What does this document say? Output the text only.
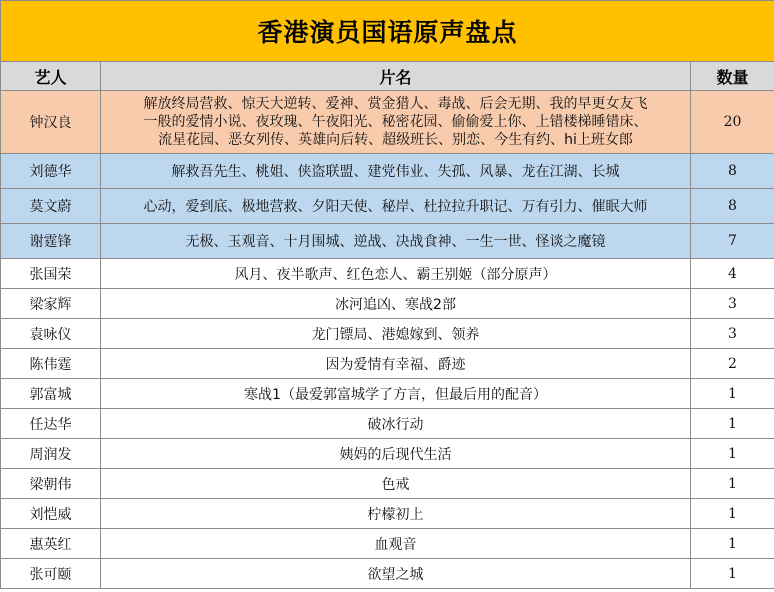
香港演员国语原声盘点		
艺人	片名	数量
钟汉良	解放终局营救、惊天大逆转、爱神、赏金猎人、毒战、后会无期、我的早更女友飞
一般的爱情小说、夜玫瑰、午夜阳光、秘密花园、偷偷爱上你、上错楼梯睡错床、
流星花园、恶女列传、英雄向后转、超级班长、别恋、今生有约、hi上班女郎	20
刘德华	解救吾先生、桃姐、侠盗联盟、建党伟业、失孤、风暴、龙在江湖、长城	8
莫文蔚	心动，爱到底、极地营救、夕阳天使、秘岸、杜拉拉升职记、万有引力、催眠大师	8
谢霆锋	无极、玉观音、十月围城、逆战、决战食神、一生一世、怪谈之魔镜	7
张国荣	风月、夜半歌声、红色恋人、霸王别姬（部分原声）	4
梁家辉	冰河追凶、寒战2部	3
袁咏仪	龙门镖局、港媳嫁到、领养	3
陈伟霆	因为爱情有幸福、爵迹	2
郭富城	寒战1（最爱郭富城学了方言，但最后用的配音）	1
任达华	破冰行动	1
周润发	姨妈的后现代生活	1
梁朝伟	色戒	1
刘恺威	柠檬初上	1
惠英红	血观音	1
张可颐	欲望之城	1
